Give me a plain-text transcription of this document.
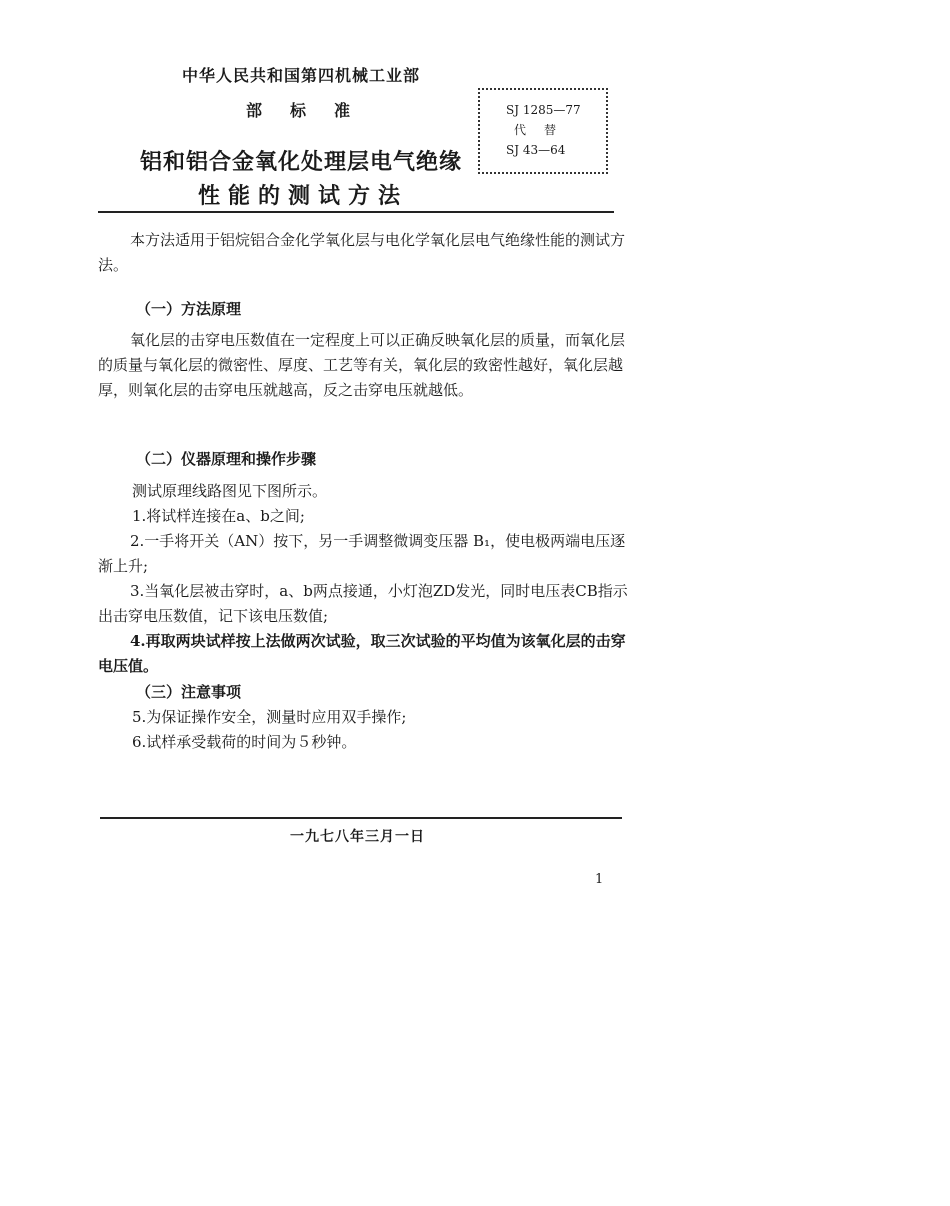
中华人民共和国第四机械工业部
部标准
铝和铝合金氧化处理层电气绝缘
性能的测试方法
SJ 1285—77
代替
SJ 43—64
本方法适用于铝烷铝合金化学氧化层与电化学氧化层电气绝缘性能的测试方法。
（一）方法原理
氧化层的击穿电压数值在一定程度上可以正确反映氧化层的质量，而氧化层的质量与氧化层的微密性、厚度、工艺等有关，氧化层的致密性越好，氧化层越厚，则氧化层的击穿电压就越高，反之击穿电压就越低。
（二）仪器原理和操作步骤
测试原理线路图见下图所示。
1.将试样连接在a、b之间;
2.一手将开关（AN）按下，另一手调整微调变压器 B₁，使电极两端电压逐渐上升;
3.当氧化层被击穿时，a、b两点接通，小灯泡ZD发光，同时电压表CB指示出击穿电压数值，记下该电压数值;
4.再取两块试样按上法做两次试验，取三次试验的平均值为该氧化层的击穿电压值。
（三）注意事项
5.为保证操作安全，测量时应用双手操作;
6.试样承受载荷的时间为５秒钟。
一九七八年三月一日
1
